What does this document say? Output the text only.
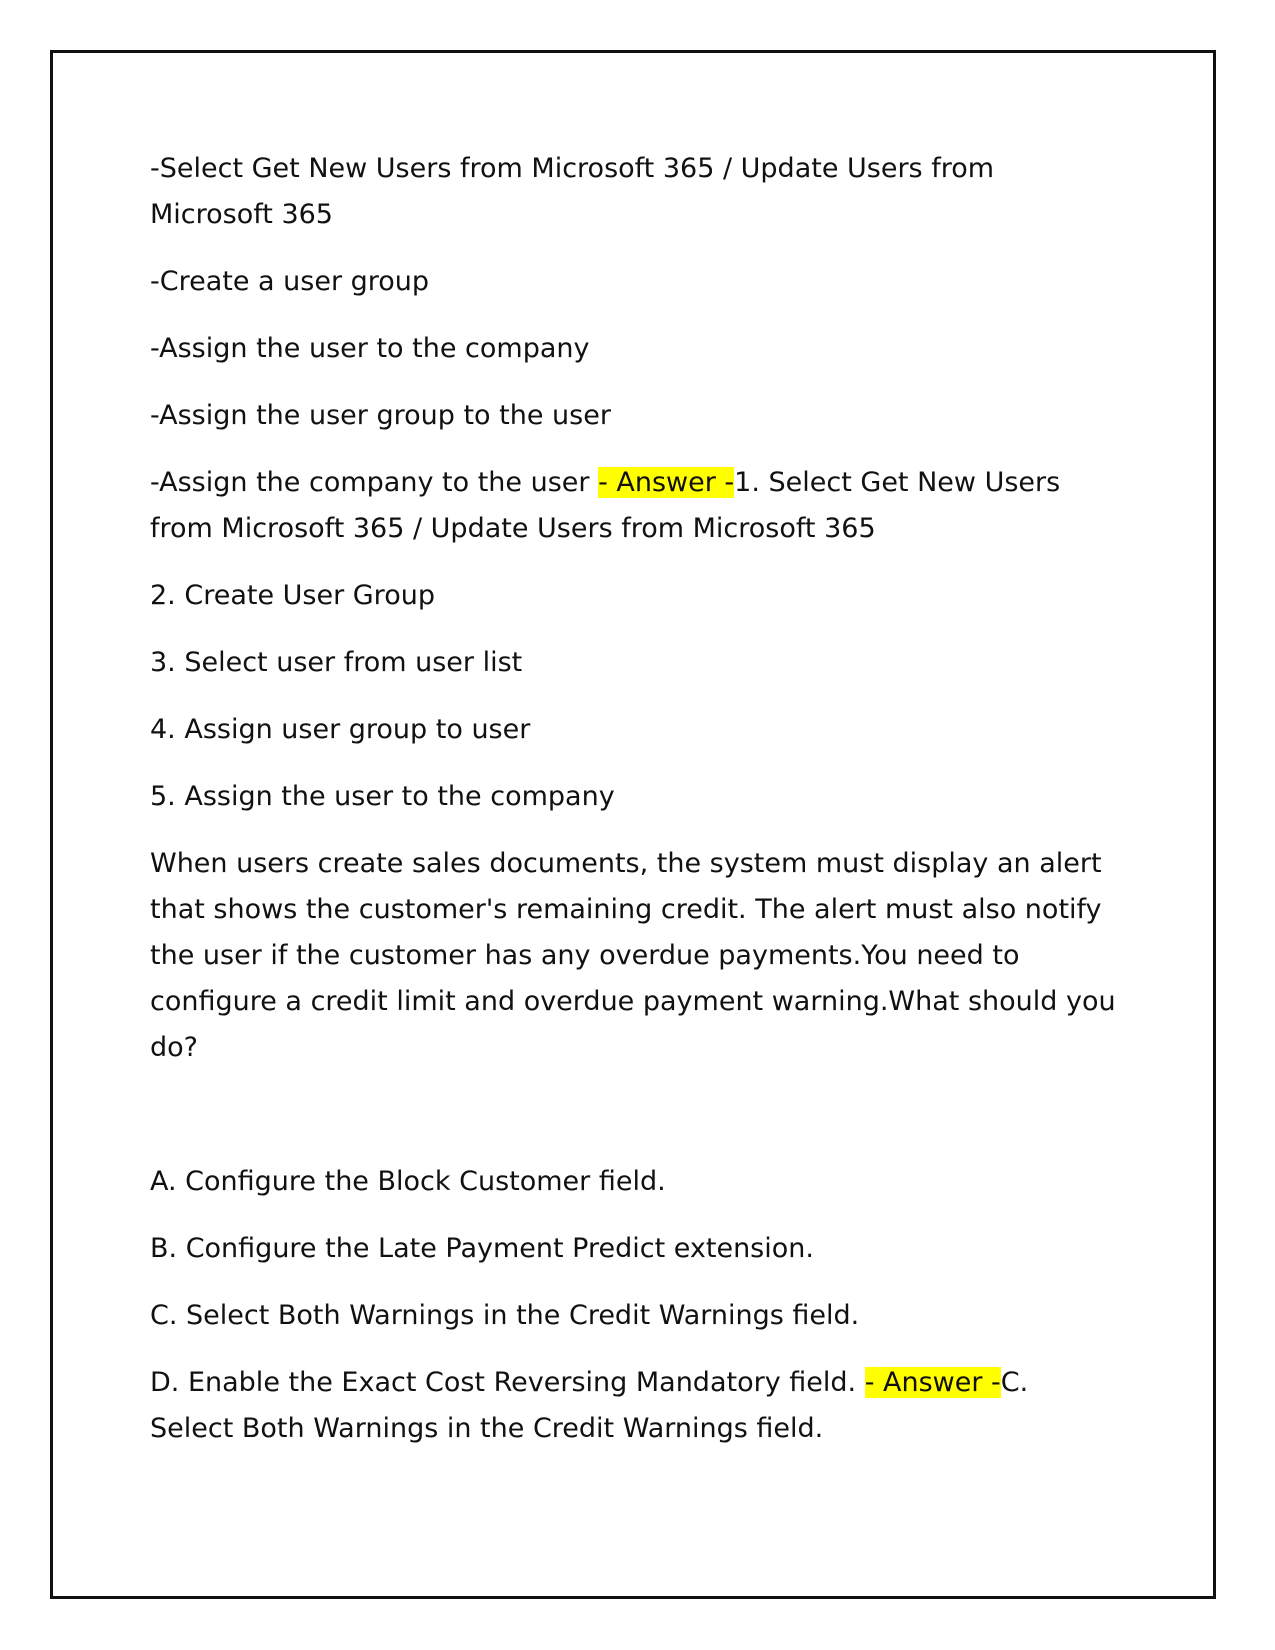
-Select Get New Users from Microsoft 365 / Update Users from Microsoft 365

-Create a user group

-Assign the user to the company

-Assign the user group to the user

-Assign the company to the user - Answer -1. Select Get New Users from Microsoft 365 / Update Users from Microsoft 365

2. Create User Group

3. Select user from user list

4. Assign user group to user

5. Assign the user to the company

When users create sales documents, the system must display an alert that shows the customer's remaining credit. The alert must also notify the user if the customer has any overdue payments.You need to configure a credit limit and overdue payment warning.What should you do?

A. Configure the Block Customer field.

B. Configure the Late Payment Predict extension.

C. Select Both Warnings in the Credit Warnings field.

D. Enable the Exact Cost Reversing Mandatory field. - Answer -C. Select Both Warnings in the Credit Warnings field.
